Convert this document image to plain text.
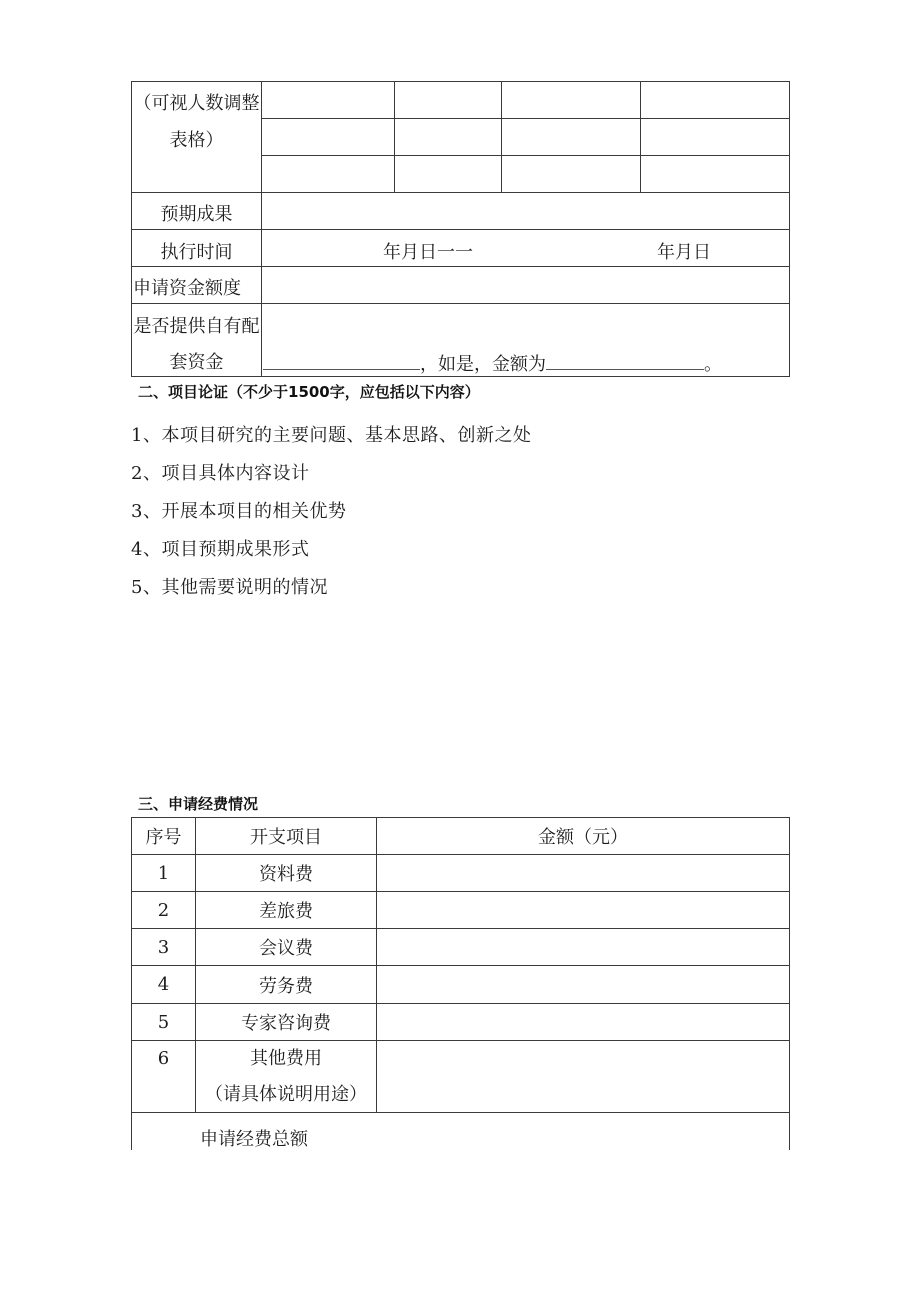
（可视人数调整
表格）
预期成果
执行时间	年月日一一	年月日
申请资金额度
是否提供自有配
套资金	，如是，金额为	。
二、项目论证（不少于1500字，应包括以下内容）
1、本项目研究的主要问题、基本思路、创新之处
2、项目具体内容设计
3、开展本项目的相关优势
4、项目预期成果形式
5、其他需要说明的情况
三、申请经费情况
序号	开支项目	金额（元）
1	资料费
2	差旅费
3	会议费
4	劳务费
5	专家咨询费
6	其他费用
（请具体说明用途）
申请经费总额
